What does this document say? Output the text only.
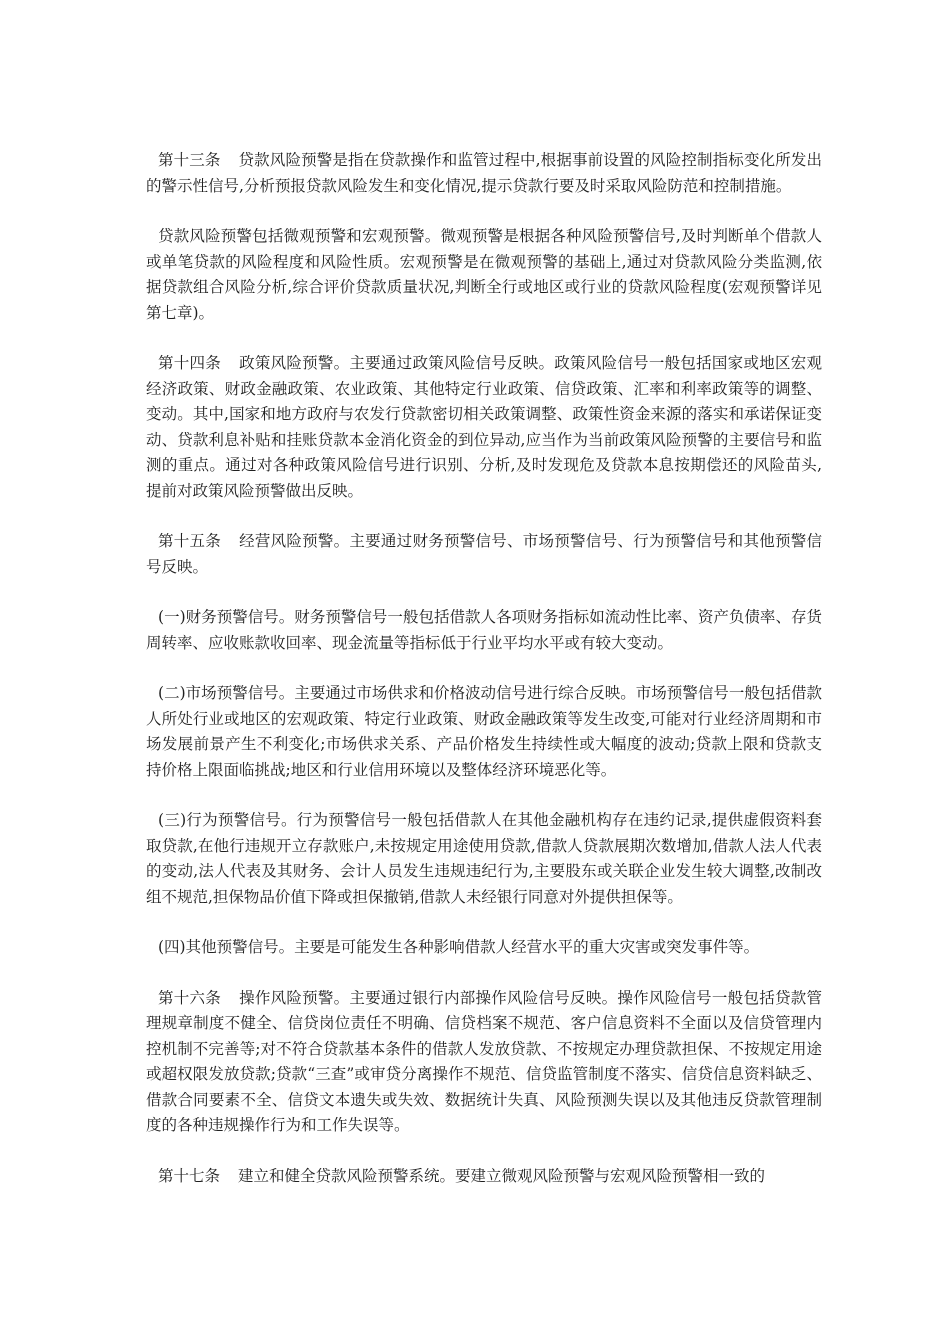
第十三条 贷款风险预警是指在贷款操作和监管过程中,根据事前设置的风险控制指标变化所发出的警示性信号,分析预报贷款风险发生和变化情况,提示贷款行要及时采取风险防范和控制措施。

贷款风险预警包括微观预警和宏观预警。微观预警是根据各种风险预警信号,及时判断单个借款人或单笔贷款的风险程度和风险性质。宏观预警是在微观预警的基础上,通过对贷款风险分类监测,依据贷款组合风险分析,综合评价贷款质量状况,判断全行或地区或行业的贷款风险程度(宏观预警详见第七章)。

第十四条 政策风险预警。主要通过政策风险信号反映。政策风险信号一般包括国家或地区宏观经济政策、财政金融政策、农业政策、其他特定行业政策、信贷政策、汇率和利率政策等的调整、变动。其中,国家和地方政府与农发行贷款密切相关政策调整、政策性资金来源的落实和承诺保证变动、贷款利息补贴和挂账贷款本金消化资金的到位异动,应当作为当前政策风险预警的主要信号和监测的重点。通过对各种政策风险信号进行识别、分析,及时发现危及贷款本息按期偿还的风险苗头,提前对政策风险预警做出反映。

第十五条 经营风险预警。主要通过财务预警信号、市场预警信号、行为预警信号和其他预警信号反映。

(一)财务预警信号。财务预警信号一般包括借款人各项财务指标如流动性比率、资产负债率、存货周转率、应收账款收回率、现金流量等指标低于行业平均水平或有较大变动。

(二)市场预警信号。主要通过市场供求和价格波动信号进行综合反映。市场预警信号一般包括借款人所处行业或地区的宏观政策、特定行业政策、财政金融政策等发生改变,可能对行业经济周期和市场发展前景产生不利变化;市场供求关系、产品价格发生持续性或大幅度的波动;贷款上限和贷款支持价格上限面临挑战;地区和行业信用环境以及整体经济环境恶化等。

(三)行为预警信号。行为预警信号一般包括借款人在其他金融机构存在违约记录,提供虚假资料套取贷款,在他行违规开立存款账户,未按规定用途使用贷款,借款人贷款展期次数增加,借款人法人代表的变动,法人代表及其财务、会计人员发生违规违纪行为,主要股东或关联企业发生较大调整,改制改组不规范,担保物品价值下降或担保撤销,借款人未经银行同意对外提供担保等。

(四)其他预警信号。主要是可能发生各种影响借款人经营水平的重大灾害或突发事件等。

第十六条 操作风险预警。主要通过银行内部操作风险信号反映。操作风险信号一般包括贷款管理规章制度不健全、信贷岗位责任不明确、信贷档案不规范、客户信息资料不全面以及信贷管理内控机制不完善等;对不符合贷款基本条件的借款人发放贷款、不按规定办理贷款担保、不按规定用途或超权限发放贷款;贷款“三查”或审贷分离操作不规范、信贷监管制度不落实、信贷信息资料缺乏、借款合同要素不全、信贷文本遗失或失效、数据统计失真、风险预测失误以及其他违反贷款管理制度的各种违规操作行为和工作失误等。

第十七条 建立和健全贷款风险预警系统。要建立微观风险预警与宏观风险预警相一致的
